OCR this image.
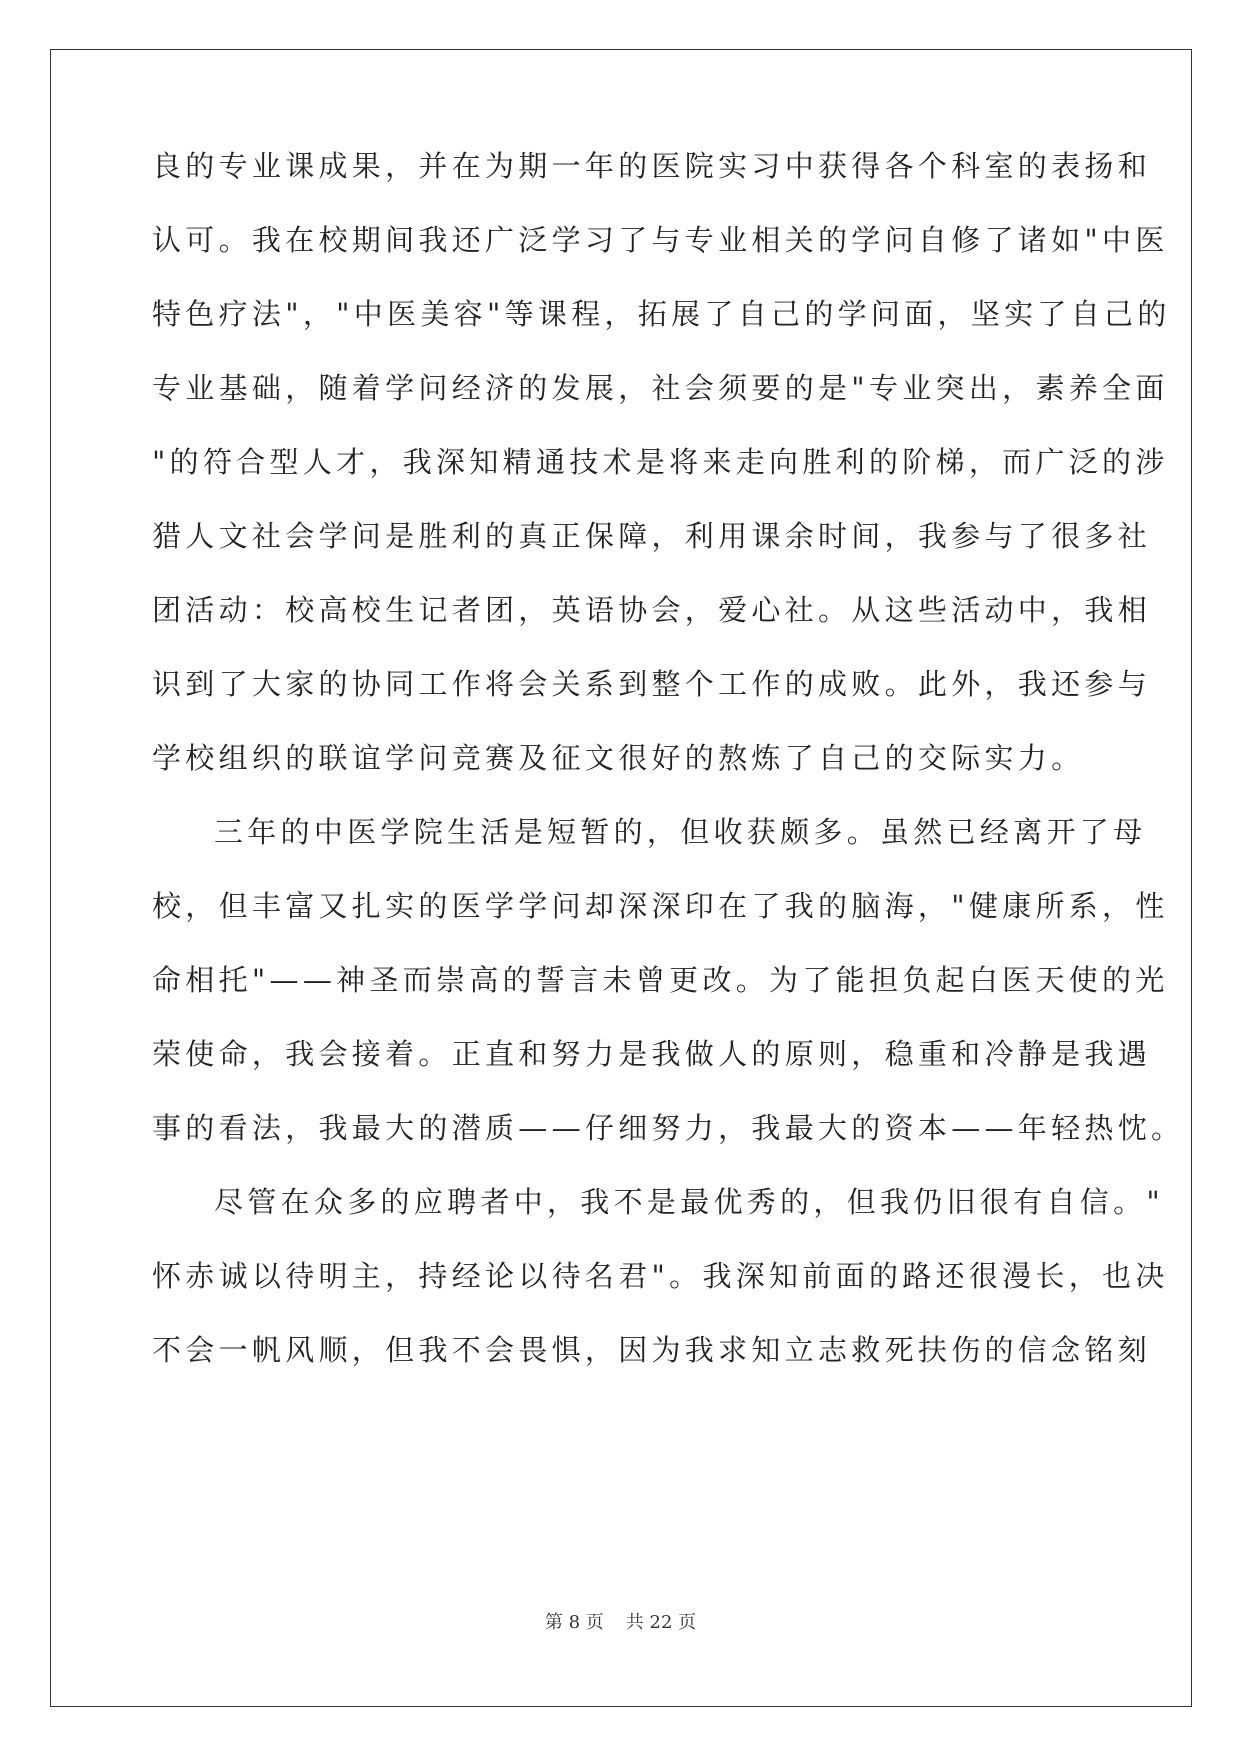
良的专业课成果，并在为期一年的医院实习中获得各个科室的表扬和
认可。我在校期间我还广泛学习了与专业相关的学问自修了诸如"中医
特色疗法"，"中医美容"等课程，拓展了自己的学问面，坚实了自己的
专业基础，随着学问经济的发展，社会须要的是"专业突出，素养全面
"的符合型人才，我深知精通技术是将来走向胜利的阶梯，而广泛的涉
猎人文社会学问是胜利的真正保障，利用课余时间，我参与了很多社
团活动：校高校生记者团，英语协会，爱心社。从这些活动中，我相
识到了大家的协同工作将会关系到整个工作的成败。此外，我还参与
学校组织的联谊学问竞赛及征文很好的熬炼了自己的交际实力。
三年的中医学院生活是短暂的，但收获颇多。虽然已经离开了母
校，但丰富又扎实的医学学问却深深印在了我的脑海，"健康所系，性
命相托"——神圣而崇高的誓言未曾更改。为了能担负起白医天使的光
荣使命，我会接着。正直和努力是我做人的原则，稳重和冷静是我遇
事的看法，我最大的潜质——仔细努力，我最大的资本——年轻热忱。
尽管在众多的应聘者中，我不是最优秀的，但我仍旧很有自信。"
怀赤诚以待明主，持经论以待名君"。我深知前面的路还很漫长，也决
不会一帆风顺，但我不会畏惧，因为我求知立志救死扶伤的信念铭刻
第 8 页 共 22 页
